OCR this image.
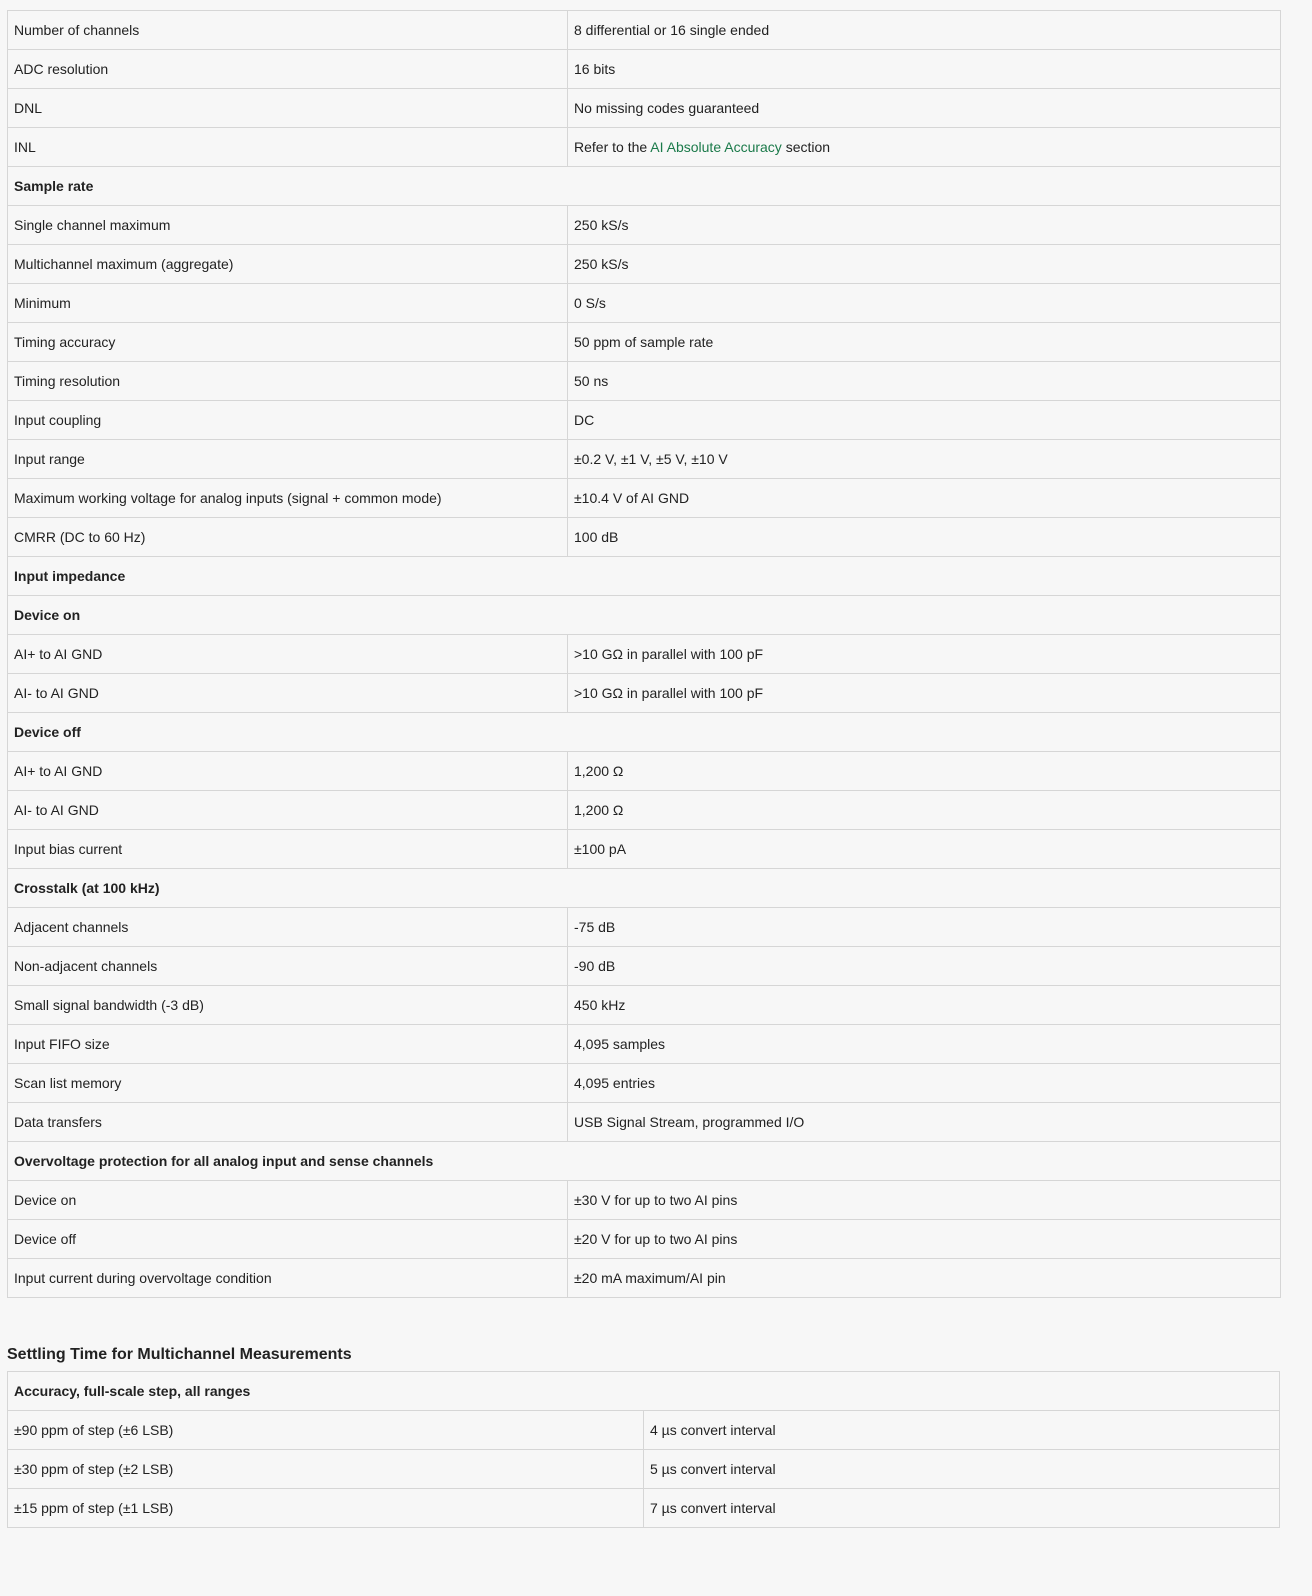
Number of channels	8 differential or 16 single ended
ADC resolution	16 bits
DNL	No missing codes guaranteed
INL	Refer to the AI Absolute Accuracy section
Sample rate	
Single channel maximum	250 kS/s
Multichannel maximum (aggregate)	250 kS/s
Minimum	0 S/s
Timing accuracy	50 ppm of sample rate
Timing resolution	50 ns
Input coupling	DC
Input range	±0.2 V, ±1 V, ±5 V, ±10 V
Maximum working voltage for analog inputs (signal + common mode)	±10.4 V of AI GND
CMRR (DC to 60 Hz)	100 dB
Input impedance	
Device on	
AI+ to AI GND	>10 GΩ in parallel with 100 pF
AI- to AI GND	>10 GΩ in parallel with 100 pF
Device off	
AI+ to AI GND	1,200 Ω
AI- to AI GND	1,200 Ω
Input bias current	±100 pA
Crosstalk (at 100 kHz)	
Adjacent channels	-75 dB
Non-adjacent channels	-90 dB
Small signal bandwidth (-3 dB)	450 kHz
Input FIFO size	4,095 samples
Scan list memory	4,095 entries
Data transfers	USB Signal Stream, programmed I/O
Overvoltage protection for all analog input and sense channels	
Device on	±30 V for up to two AI pins
Device off	±20 V for up to two AI pins
Input current during overvoltage condition	±20 mA maximum/AI pin
Settling Time for Multichannel Measurements
Accuracy, full-scale step, all ranges	
±90 ppm of step (±6 LSB)	4 µs convert interval
±30 ppm of step (±2 LSB)	5 µs convert interval
±15 ppm of step (±1 LSB)	7 µs convert interval
